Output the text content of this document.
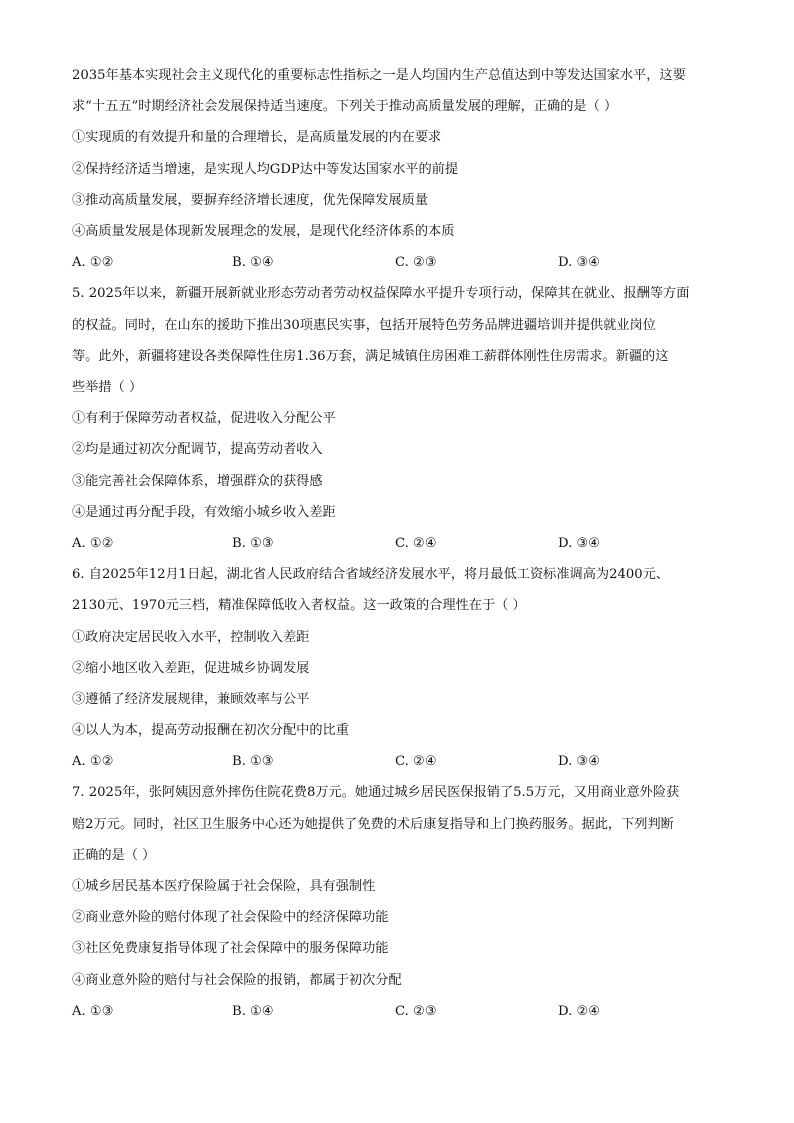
2035年基本实现社会主义现代化的重要标志性指标之一是人均国内生产总值达到中等发达国家水平，这要
求“十五五”时期经济社会发展保持适当速度。下列关于推动高质量发展的理解，正确的是（ ）
①实现质的有效提升和量的合理增长，是高质量发展的内在要求
②保持经济适当增速，是实现人均GDP达中等发达国家水平的前提
③推动高质量发展，要摒弃经济增长速度，优先保障发展质量
④高质量发展是体现新发展理念的发展，是现代化经济体系的本质
A. ①②	B. ①④	C. ②③	D. ③④
5. 2025年以来，新疆开展新就业形态劳动者劳动权益保障水平提升专项行动，保障其在就业、报酬等方面
的权益。同时，在山东的援助下推出30项惠民实事，包括开展特色劳务品牌进疆培训并提供就业岗位
等。此外，新疆将建设各类保障性住房1.36万套，满足城镇住房困难工薪群体刚性住房需求。新疆的这
些举措（ ）
①有利于保障劳动者权益，促进收入分配公平
②均是通过初次分配调节，提高劳动者收入
③能完善社会保障体系，增强群众的获得感
④是通过再分配手段，有效缩小城乡收入差距
A. ①②	B. ①③	C. ②④	D. ③④
6. 自2025年12月1日起，湖北省人民政府结合省域经济发展水平，将月最低工资标准调高为2400元、
2130元、1970元三档，精准保障低收入者权益。这一政策的合理性在于（ ）
①政府决定居民收入水平，控制收入差距
②缩小地区收入差距，促进城乡协调发展
③遵循了经济发展规律，兼顾效率与公平
④以人为本，提高劳动报酬在初次分配中的比重
A. ①②	B. ①③	C. ②④	D. ③④
7. 2025年，张阿姨因意外摔伤住院花费8万元。她通过城乡居民医保报销了5.5万元，又用商业意外险获
赔2万元。同时，社区卫生服务中心还为她提供了免费的术后康复指导和上门换药服务。据此，下列判断
正确的是（ ）
①城乡居民基本医疗保险属于社会保险，具有强制性
②商业意外险的赔付体现了社会保险中的经济保障功能
③社区免费康复指导体现了社会保障中的服务保障功能
④商业意外险的赔付与社会保险的报销，都属于初次分配
A. ①③	B. ①④	C. ②③	D. ②④
